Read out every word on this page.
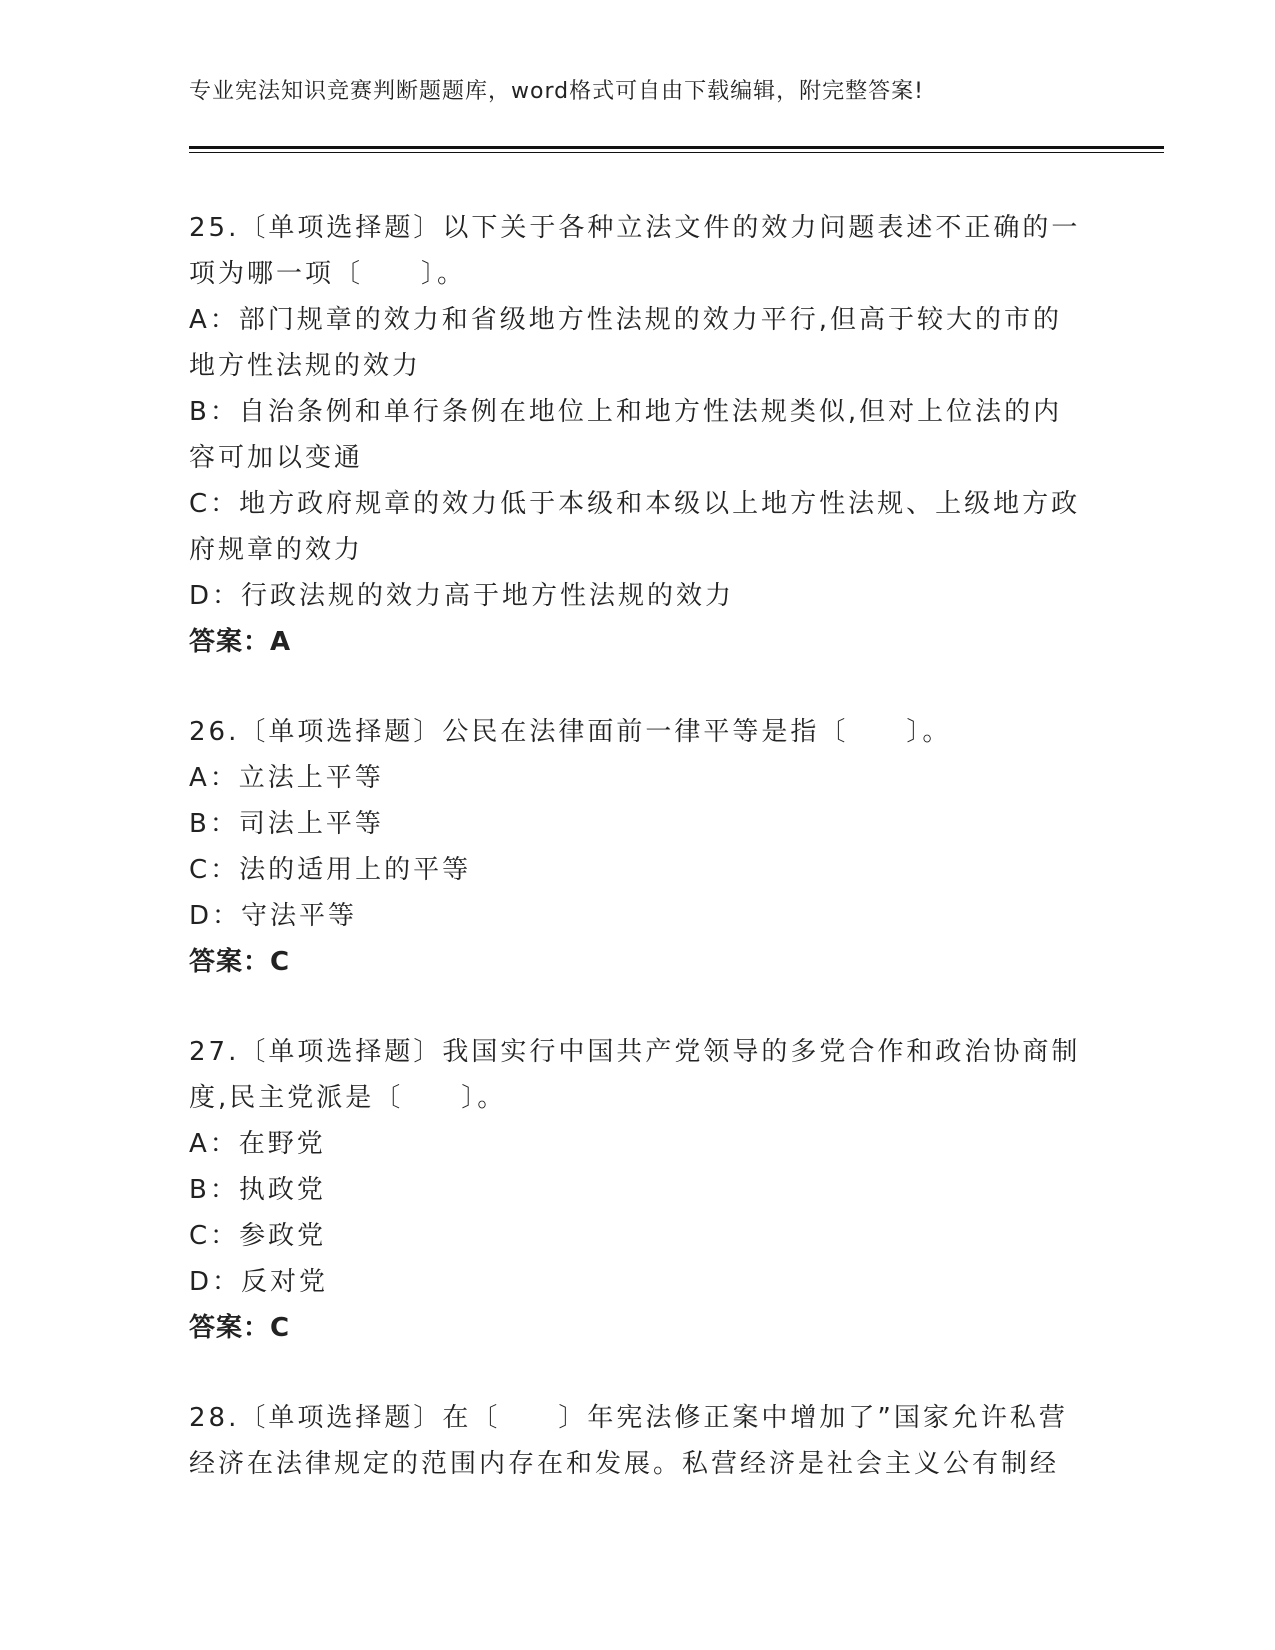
专业宪法知识竞赛判断题题库，word格式可自由下载编辑，附完整答案!
25.〔单项选择题〕以下关于各种立法文件的效力问题表述不正确的一
项为哪一项〔　　〕。
A：部门规章的效力和省级地方性法规的效力平行,但高于较大的市的
地方性法规的效力
B：自治条例和单行条例在地位上和地方性法规类似,但对上位法的内
容可加以变通
C：地方政府规章的效力低于本级和本级以上地方性法规、上级地方政
府规章的效力
D：行政法规的效力高于地方性法规的效力
答案：A
26.〔单项选择题〕公民在法律面前一律平等是指〔　　〕。
A：立法上平等
B：司法上平等
C：法的适用上的平等
D：守法平等
答案：C
27.〔单项选择题〕我国实行中国共产党领导的多党合作和政治协商制
度,民主党派是〔　　〕。
A：在野党
B：执政党
C：参政党
D：反对党
答案：C
28.〔单项选择题〕在〔　　〕年宪法修正案中增加了”国家允许私营
经济在法律规定的范围内存在和发展。私营经济是社会主义公有制经
